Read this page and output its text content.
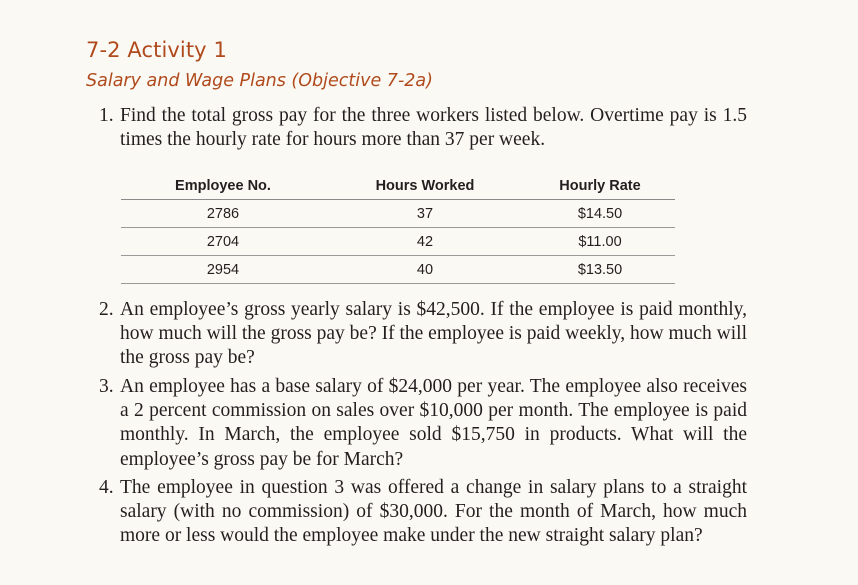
7-2 Activity 1
Salary and Wage Plans (Objective 7-2a)
1. Find the total gross pay for the three workers listed below. Overtime pay is 1.5 times the hourly rate for hours more than 37 per week.
Employee No.	Hours Worked	Hourly Rate
2786	37	$14.50
2704	42	$11.00
2954	40	$13.50
2. An employee’s gross yearly salary is $42,500. If the employee is paid monthly, how much will the gross pay be? If the employee is paid weekly, how much will the gross pay be?
3. An employee has a base salary of $24,000 per year. The employee also receives a 2 percent commission on sales over $10,000 per month. The employee is paid monthly. In March, the employee sold $15,750 in products. What will the employee’s gross pay be for March?
4. The employee in question 3 was offered a change in salary plans to a straight salary (with no commission) of $30,000. For the month of March, how much more or less would the employee make under the new straight salary plan?
